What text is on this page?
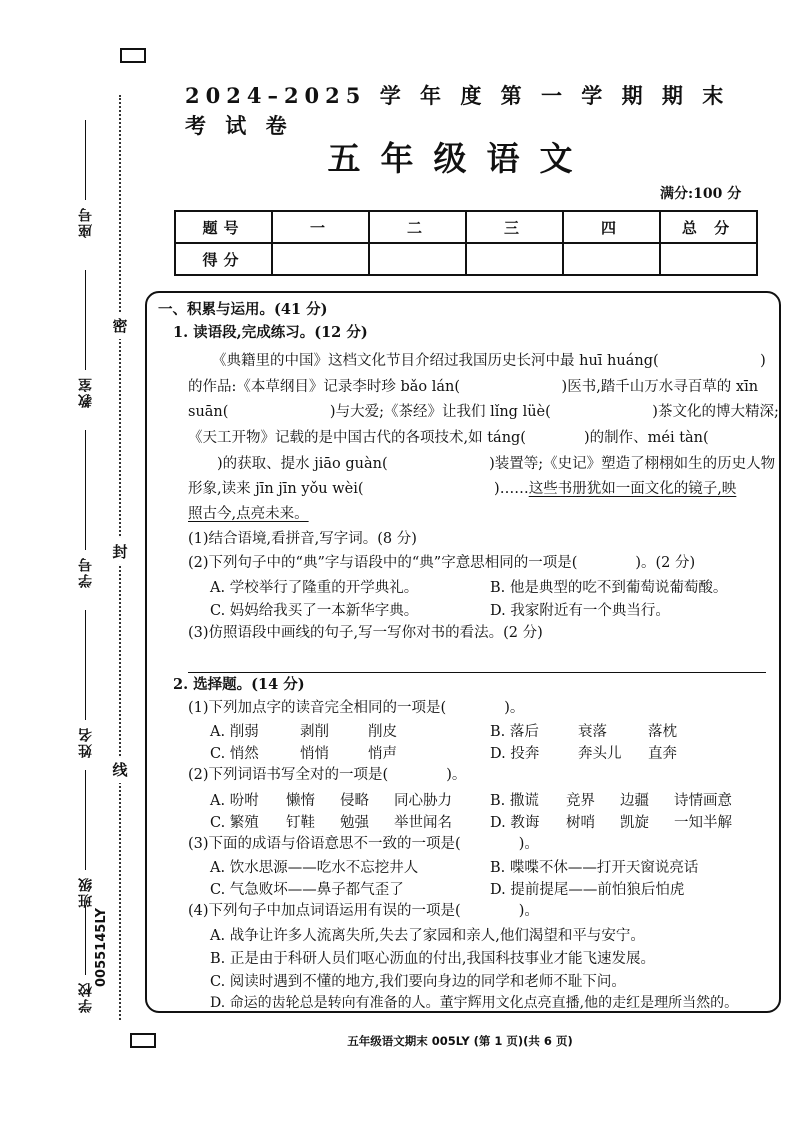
密
封
线
座号
教室
学号
姓名
班级
学校
0055145LY
2024–2025 学 年 度 第 一 学 期 期 末 考 试 卷
五年级语文
满分:100 分
题号	一	二	三	四	总 分
得分					
一、积累与运用。(41 分)
1. 读语段,完成练习。(12 分)
《典籍里的中国》这档文化节目介绍过我国历史长河中最 huī huáng(　　　　　　　)
的作品:《本草纲目》记录李时珍 bǎo lán(　　　　　　　)医书,踏千山万水寻百草的 xīn
suān(　　　　　　　)与大爱;《茶经》让我们 lǐng lüè(　　　　　　　)茶文化的博大精深;
《天工开物》记载的是中国古代的各项技术,如 táng(　　　　)的制作、méi tàn(　　
　　)的获取、提水 jiāo guàn(　　　　　　　)装置等;《史记》塑造了栩栩如生的历史人物
形象,读来 jīn jīn yǒu wèi(　　　　　　　　　)……这些书册犹如一面文化的镜子,映
照古今,点亮未来。
(1)结合语境,看拼音,写字词。(8 分)
(2)下列句子中的“典”字与语段中的“典”字意思相同的一项是(　　　　)。(2 分)
A. 学校举行了隆重的开学典礼。	B. 他是典型的吃不到葡萄说葡萄酸。
C. 妈妈给我买了一本新华字典。	D. 我家附近有一个典当行。
(3)仿照语段中画线的句子,写一写你对书的看法。(2 分)
2. 选择题。(14 分)
(1)下列加点字的读音完全相同的一项是(　　　　)。
A. 削弱	剥削	削皮	B. 落后	衰落	落枕
C. 悄然	悄悄	悄声	D. 投奔	奔头儿 直奔
(2)下列词语书写全对的一项是(　　　　)。
A. 吩咐 懒惰 侵略 同心胁力	B. 撒谎 竞界 边疆 诗情画意
C. 繁殖 钉鞋 勉强 举世闻名	D. 教诲 树哨 凯旋 一知半解
(3)下面的成语与俗语意思不一致的一项是(　　　　)。
A. 饮水思源——吃水不忘挖井人	B. 喋喋不休——打开天窗说亮话
C. 气急败坏——鼻子都气歪了	D. 提前提尾——前怕狼后怕虎
(4)下列句子中加点词语运用有误的一项是(　　　　)。
A. 战争让许多人流离失所,失去了家园和亲人,他们渴望和平与安宁。
B. 正是由于科研人员们呕心沥血的付出,我国科技事业才能飞速发展。
C. 阅读时遇到不懂的地方,我们要向身边的同学和老师不耻下问。
D. 命运的齿轮总是转向有准备的人。董宇辉用文化点亮直播,他的走红是理所当然的。
五年级语文期末 005LY (第 1 页)(共 6 页)
